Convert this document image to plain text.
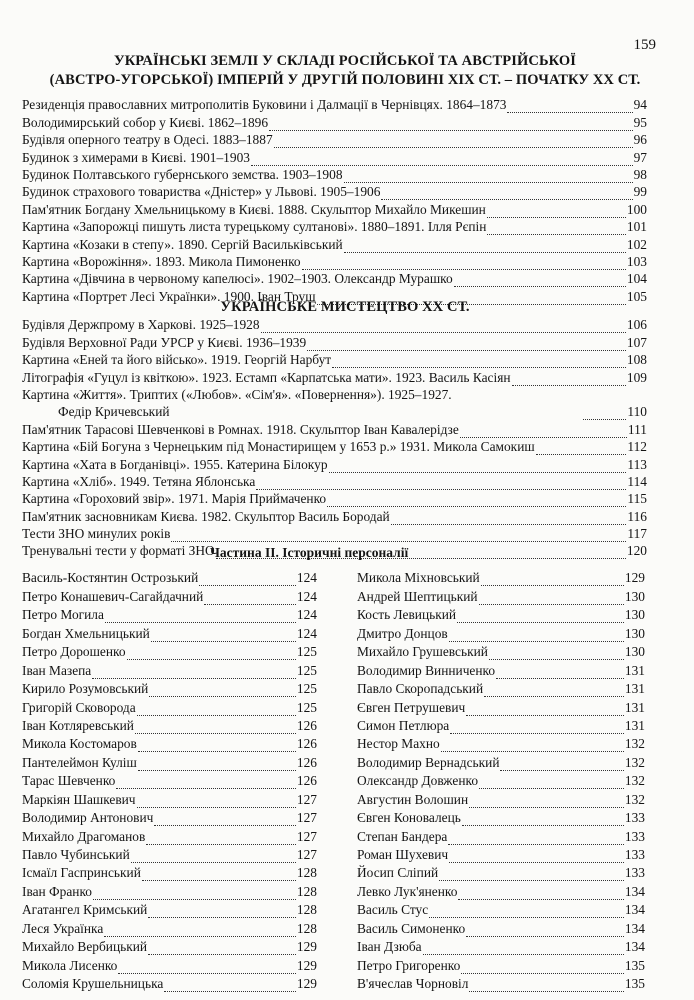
159
УКРАЇНСЬКІ ЗЕМЛІ У СКЛАДІ РОСІЙСЬКОЇ ТА АВСТРІЙСЬКОЇ
(АВСТРО-УГОРСЬКОЇ) ІМПЕРІЙ У ДРУГІЙ ПОЛОВИНІ ХІХ СТ. – ПОЧАТКУ ХХ СТ.
Резиденція православних митрополитів Буковини і Далмації в Чернівцях. 1864–1873	94
Володимирський собор у Києві. 1862–1896	95
Будівля оперного театру в Одесі. 1883–1887	96
Будинок з химерами в Києві. 1901–1903	97
Будинок Полтавського губернського земства. 1903–1908	98
Будинок страхового товариства «Дністер» у Львові. 1905–1906	99
Пам'ятник Богдану Хмельницькому в Києві. 1888. Скульптор Михайло Микешин	100
Картина «Запорожці пишуть листа турецькому султанові». 1880–1891. Ілля Рєпін	101
Картина «Козаки в степу». 1890. Сергій Васильківський	102
Картина «Ворожіння». 1893. Микола Пимоненко	103
Картина «Дівчина в червоному капелюсі». 1902–1903. Олександр Мурашко	104
Картина «Портрет Лесі Українки». 1900. Іван Труш	105
УКРАЇНСЬКЕ МИСТЕЦТВО ХХ СТ.
Будівля Держпрому в Харкові. 1925–1928	106
Будівля Верховної Ради УРСР у Києві. 1936–1939	107
Картина «Еней та його військо». 1919. Георгій Нарбут	108
Літографія «Гуцул із квіткою». 1923. Естамп «Карпатська мати». 1923. Василь Касіян	109
Картина «Життя». Триптих («Любов». «Сім'я». «Повернення»). 1925–1927.
Федір Кричевський	110
Пам'ятник Тарасові Шевченкові в Ромнах. 1918. Скульптор Іван Кавалерідзе	111
Картина «Бій Богуна з Чернецьким під Монастирищем у 1653 р.» 1931. Микола Самокиш	112
Картина «Хата в Богданівці». 1955. Катерина Білокур	113
Картина «Хліб». 1949. Тетяна Яблонська	114
Картина «Гороховий звір». 1971. Марія Приймаченко	115
Пам'ятник засновникам Києва. 1982. Скульптор Василь Бородай	116
Тести ЗНО минулих років	117
Тренувальні тести у форматі ЗНО	120
Частина ІІ. Історичні персоналії
Василь-Костянтин Острозький	124
Петро Конашевич-Сагайдачний	124
Петро Могила	124
Богдан Хмельницький	124
Петро Дорошенко	125
Іван Мазепа	125
Кирило Розумовський	125
Григорій Сковорода	125
Іван Котляревський	126
Микола Костомаров	126
Пантелеймон Куліш	126
Тарас Шевченко	126
Маркіян Шашкевич	127
Володимир Антонович	127
Михайло Драгоманов	127
Павло Чубинський	127
Ісмаїл Гаспринський	128
Іван Франко	128
Агатангел Кримський	128
Леся Українка	128
Михайло Вербицький	129
Микола Лисенко	129
Соломія Крушельницька	129
Микола Міхновський	129
Андрей Шептицький	130
Кость Левицький	130
Дмитро Донцов	130
Михайло Грушевський	130
Володимир Винниченко	131
Павло Скоропадський	131
Євген Петрушевич	131
Симон Петлюра	131
Нестор Махно	132
Володимир Вернадський	132
Олександр Довженко	132
Августин Волошин	132
Євген Коновалець	133
Степан Бандера	133
Роман Шухевич	133
Йосип Сліпий	133
Левко Лук'яненко	134
Василь Стус	134
Василь Симоненко	134
Іван Дзюба	134
Петро Григоренко	135
В'ячеслав Чорновіл	135
